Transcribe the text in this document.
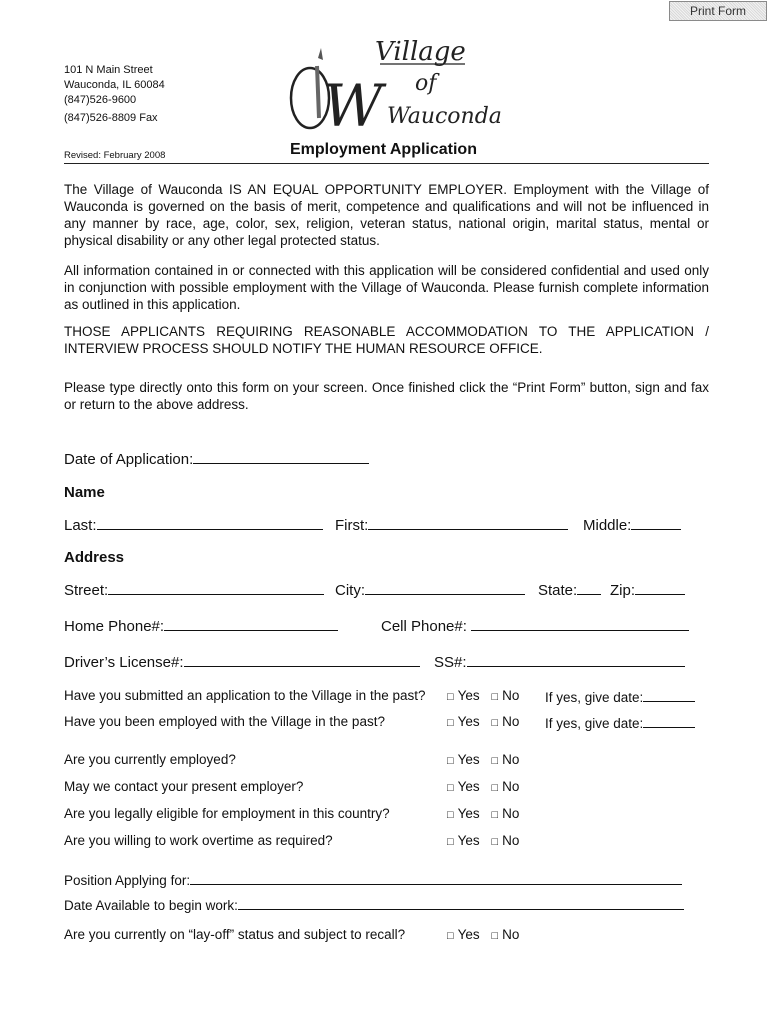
Print Form
101 N Main Street
Wauconda, IL 60084
(847)526-9600
(847)526-8809 Fax
Village
of
W Wauconda
Revised: February 2008	Employment Application
The Village of Wauconda IS AN EQUAL OPPORTUNITY EMPLOYER. Employment with the Village of Wauconda is governed on the basis of merit, competence and qualifications and will not be influenced in any manner by race, age, color, sex, religion, veteran status, national origin, marital status, mental or physical disability or any other legal protected status.
All information contained in or connected with this application will be considered confidential and used only in conjunction with possible employment with the Village of Wauconda. Please furnish complete information as outlined in this application.
THOSE APPLICANTS REQUIRING REASONABLE ACCOMMODATION TO THE APPLICATION / INTERVIEW PROCESS SHOULD NOTIFY THE HUMAN RESOURCE OFFICE.
Please type directly onto this form on your screen. Once finished click the “Print Form” button, sign and fax or return to the above address.
Date of Application:
Name
Last:	First:	Middle:
Address
Street:	City:	State:	Zip:
Home Phone#:	Cell Phone#:
Driver’s License#:	SS#:
Have you submitted an application to the Village in the past? □ Yes □ No If yes, give date:
Have you been employed with the Village in the past?	□ Yes □ No If yes, give date:
Are you currently employed?	□ Yes □ No
May we contact your present employer?	□ Yes □ No
Are you legally eligible for employment in this country?	□ Yes □ No
Are you willing to work overtime as required?	□ Yes □ No
Position Applying for:
Date Available to begin work:
Are you currently on “lay-off” status and subject to recall?	□ Yes □ No
